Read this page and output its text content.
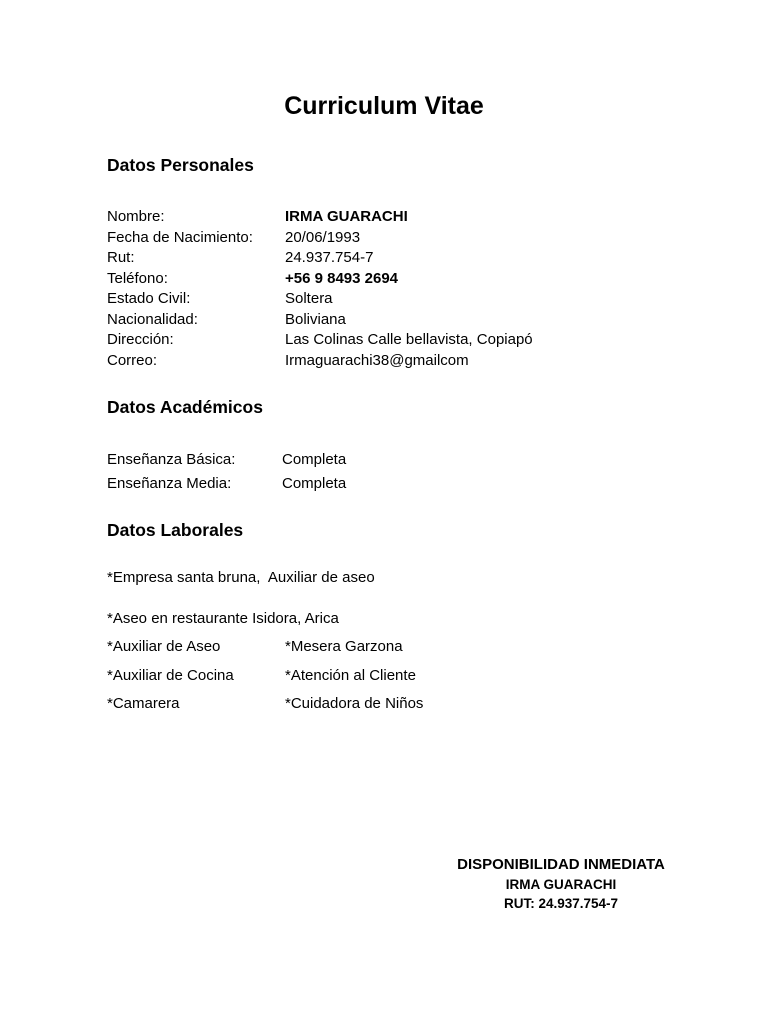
Curriculum Vitae
Datos Personales
Nombre:	IRMA GUARACHI
Fecha de Nacimiento: 20/06/1993
Rut:	24.937.754-7
Teléfono:	+56 9 8493 2694
Estado Civil:	Soltera
Nacionalidad:	Boliviana
Dirección:	Las Colinas Calle bellavista, Copiapó
Correo:	Irmaguarachi38@gmailcom
Datos Académicos
Enseñanza Básica:	Completa
Enseñanza Media:	Completa
Datos Laborales
*Empresa santa bruna,  Auxiliar de aseo
*Aseo en restaurante Isidora, Arica
*Auxiliar de Aseo	*Mesera Garzona
*Auxiliar de Cocina	*Atención al Cliente
*Camarera	*Cuidadora de Niños
DISPONIBILIDAD INMEDIATA
IRMA GUARACHI
RUT: 24.937.754-7
